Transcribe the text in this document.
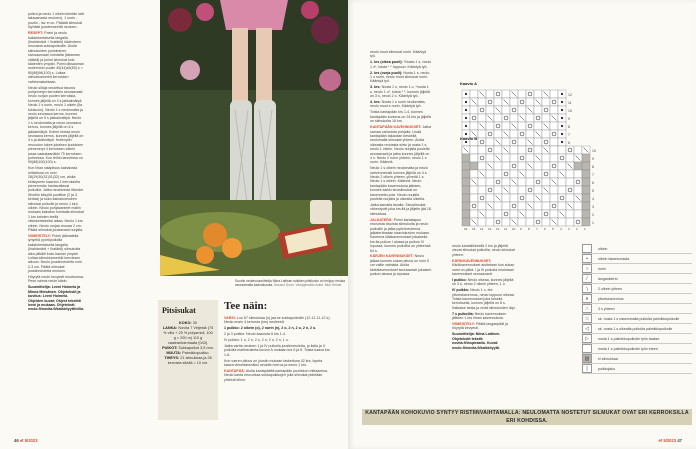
puikot ja neulo 1 oikein kientän laitt lakavanasta neuloen), 1 nurin -puutin - lav ei on. Pääätä silmukat löyhästi juustenneettä neuloen.

RESEPT: Poimi ja neulo kaksinkertaisella langalla (lhahämärä + Ihatähti) kädenteen neuvasta sukkapuikoille. Aloita silmukoiden poimiminen sivusaumaan kohdalta (takaman välistä) ja poimi silmukat kolo kädenten ympäri. Poimi diksauman molemmin puolin 40(44)48(50) s = 80(88)96(100) s. Loitaa silmukkamerkit kerroksen vaihtumakohtaan.

Neulo silloja neulettua tasona pohjemetyn kerroksiin seuraavasti: neulo nurjan puolen kerroksia, kunnes jäljellä on 3 s jakkalmätyä. Neulo 1 s nurin, neulo 1 oikein (lia tukisuvin). Neulo 1 s neulomatta ja neulo seuraava kerros, kunnes jäljellä on 5 s jakkalmättyä. Neulo 1 s neulomatta ja neulo seuraava kerros, kunnes jäljellä on 6 s jakkalmätyä. Kolme kertaa neulo seuraava kerros, kunnes jäljellä on 4 s ja kkäimätyä. Hoilenpiiri neuvotun tukee jokaisen kudoksen pieneneryt 4 kerroksen välein jossa vaarataanäkki 75 kerroksen puheessa. Kun teihin lanneissa on 90(88)100(100) s.

Kun lihan sisäpituus kainalosta mittattuna on noin 28(29)30(31)31(32) cm, aloita kiristyneen kaavion 1 kerroksella pienemmän hantavaltavat puikoilla. Jatka neulomista Wonder Woollin kävyllä puoliitse (2 ja 3 kertaa) ja koko kainaloneuleen silmukat puikolle ja neulo 1 kiro oikein. Neulo pohjavanteet mallin mukaan kainalon kohdalla silmukat 1 krs kahden teellä viisinkertaiseksi aikaa. Neulo 1 krs oikein. Neulo nurjaa reunaa 2 cm: Päätä silmukat joustavasti nurjalla.

VIIMEISTELY: Poimi jäämatella lyhyellä pyöröpuikolla kaksinkertaisella langalla (lhahämärä + Ihatähti) silmukoita aika pitkälti koko kaulan ympäri. Loitaa silmukkamerkki kerroksen alkuun. Neulo joustinneuleita noin 2-3 cm. Päätä silmukat joustinneuletta neuloen.

Höyrytä neule kevyesti muotoonsa. Pese valmis neule käsin.

Suunnittelija: Leeni Hoimela ja Minna Metsänen. Ohjetekstit ja kuvitus: Leeni Hoimela. Ohjeiden kuvat: Ohjeet tekstitti leeni ja mukaan. Ohjeteksti: neulo.fi/novita.fi/kaikkityytti/villa.

Suoriin neulesuunnittelija Niina Laitisen sukkien pitsikuvio on helppo neulsa seuraamalla kaaviokuvaa. Mousut Gomi. Vintagemalto Arkel. Muk Heinel.
Pitsisukat
KOKO: 39
LANKA: Novita 7 Veljestä (75 % villa + 25 % polyamidi, 100 g = 200 m) 110 g vaaleanharmaata (043).
PUIKOT: Sukkapuikot 3,5 mm.
MUUTA: Palmikkopuikko.
TIHEYS: 21 silmukkaa ja 26 kerrosta sileää = 10 cm.
Tee näin:

VARSI: Luo 67 silmukkaa (s) jaa se sukkapuikoille (12-12-11-12 s). Neulo ensin 4 kerrosta (krs) neuleesti:

1 puikko: 2 oikein (o), 2 nurin (n), 2 o, 2 n, 2 o, 2 n, 2 o.

2 ja 3 puikko: Neulo kaaviota A krs 1-4.

IV puikko: 1 o, 2 n, 2 o, 2 n, 2 o, 2 n, 1 o.

Jatka vartta neuloen 1 ja IV puikolla joustinneuletta, ja ilalla ja II puikolla mallineuleeta kuvion A mukaan krs 5 ja 6. Toista kaava krs 1-6.

Kun varren pituus on joustin mukaan laskettuna 42 krs, lopeta kaava viimeisimmäksi neulottu kerros ja neulo 1 krs.

KANTAPÄÄ: Aloita kantapäältä kantapään puoliskon mittaamina. Neulo kanta neuvoissa sukkapuikkojen jolla silmukat pidetään yhteinä kiinni.

46 et 5/2023

neulo muut silmukat nurin. Kääntyä työ.

1. krs (oikea puoli): *Nosta 1 s, neulo 1 o*, toista * * loppuun. Kääntyä työ.

2. krs (nurja puoli): Nosta 1 s, neulo 1 n nurin, neulo muut silmukat nurin. Kääntyä työ.

3. krs: Nosta 1 s, neulo 1 o, *nosta 1 s, neulo 1 o*, toista * *, kunnes jäljellä on 3 s, neulo 2 o. Kääntyä työ.

4. krs: Nosta 1 s nurin neulomatta, neulo muut s nurin. Kääntyä työ.

Toista kantapään krs 1-4, kunnes kantapään korkeus on 24 krs ja jäljellä on silmukoita 16 krs.

KANTAPÄÄN KAVENNUKSET: Jatka samaa vahvuista pohjalla. Lisää kantapään takaosan keskellä neulomalla silmukat yhteen. Aloita oikeasta reunasta siirto ja nosta 1 s, neulo 1 oikein. Neulo nurjalla puolella seuraavasti ja jatka kunnes jäljellä on 4 s. Neulo 2 nurin yhteen, neulo 1 s nurin. Käännä.

Neulo 1 s oikein neulomatta ja neulo vahvennetusti kunnes jäljellä on 4 s. Neulo 2 oikein yhteen, ylivedä 1 s. Neulo 1 s oikein. Käännä. Neulo kantapään kavennuksia jatkaen, kunnes kaikki sivusilmukat on kavennettu pois. Neulo nurjalla puolella nurjalla ja oikealla oikeilla.

Jatka samalla tavalla. Sivusilmukat vähentyvät joka krs:llä ja jäljelle jää 18 silmukkaa.

JALKATERÄ: Poimi kantalapun reunoista sivuista silmukoita ja neulo puikoille ja jatka pyöröneuleena jalkateräosaan kaaviokuvion mukaan. Kavenna kiilakavennukset jokaisella krs:lla puikon I alussa ja puikon IV lopussa, kunnes puikoilla on yhteensä 64 s.

KÄRJEN KAVENNUKSET: Neulo jalkaa kunnes sukan pituus on noin 5 cm vaille valmista. Aloita kärkikavennukset seuraavasti jokaisen puikon alussa ja lopussa.

neulo kantaliikkeellä 2 krs ja jäljellä olevat silmukat puikoilla, neulo silmukat yhteen.

KÄRKIKAVENNUKSET: Kärkikavennukset aloitetaan kun sukan varsi on pitkä. I ja III puikolla neulotaan kavennukset seuraavasti:

I puikko: Neulo oikeaa, kunnes jäljellä on 3 s, neulo 2 oikein yhteen, 1 o.

IV puikko: Neulo 1 o, tee ylivetokavennus, neulo loppuun oikeaa. Toista kavennukset joka toisella kerroksella, kunnes jäljellä on 8 s. Katkaise lanka ja vedä silmukoiden läpi.

7 s puikoilla: Neulo kavennuksen jälkeen 1 krs ilman kavennuksia.

VIIMEISTELY: Päätä langanpäät ja höyrytä kevyesti.

Suunnittelija: Niina Laitinen. Ohjetekstit tekstit: novita.fi/inspiraatio. Kuvat: neulo.fi/novita.fi/kaikkityytti.

Kaavio A
12
11
10
9
8
7
6
Kaavio B
10
9
8
7
6
5
4
3
2
1
16 15 14 13 12 11 10 9 8 7 6 5 4 3 2 1
oikein
•	oikein takareunasta
○	nurin
⁄	langankierto
∖	2 oikein yhteen
∧	ylivetokavennus
⤫	3 s yhteen
⤬	sk. nosta 1 s vasemmalta puikolta palmikkopuikolle
◁	sk. nosta 1 s oikealta puikolta palmikkopuikolle
▷	nosta 1 s palmikkopuikolle työn taakse
nosta 1 s palmikkopuikolle työn eteen
▥	ei silmukkaa
|	puikkojako
KANTAPÄÄN KOHOKUVIO SYNTYY RISTIINVAIHTAMALLA: NEULOMATTA NOSTETUT SILMUKAT OVAT ERI KERROKSILLA ERI KOHDISSA.
et 5/2023 47
